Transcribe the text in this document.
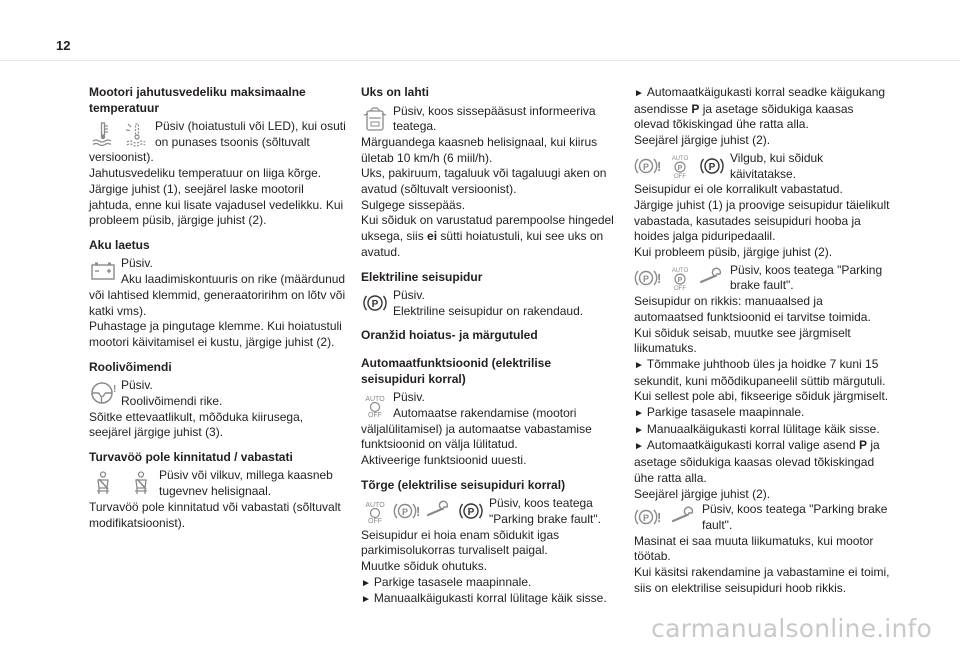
12
Mootori jahutusvedeliku maksimaalne temperatuur
Püsiv (hoiatustuli või LED), kui osuti on punases tsoonis (sõltuvalt

versioonist).

Jahutusvedeliku temperatuur on liiga kõrge.

Järgige juhist (1), seejärel laske mootoril jahtuda, enne kui lisate vajadusel vedelikku. Kui probleem püsib, järgige juhist (2).

Aku laetus
Püsiv.
Aku laadimiskontuuris on rike (määrdunud

või lahtised klemmid, generaatoririhm on lõtv või katki vms).

Puhastage ja pingutage klemme. Kui hoiatustuli mootori käivitamisel ei kustu, järgige juhist (2).

Roolivõimendi
Püsiv.
Roolivõimendi rike.

Sõitke ettevaatlikult, mõõduka kiirusega, seejärel järgige juhist (3).

Turvavöö pole kinnitatud / vabastati
Püsiv või vilkuv, millega kaasneb tugevnev helisignaal.

Turvavöö pole kinnitatud või vabastati (sõltuvalt modifikatsioonist).

Uks on lahti
Püsiv, koos sissepääsust informeeriva teatega.

Märguandega kaasneb helisignaal, kui kiirus ületab 10 km/h (6 miil/h).

Uks, pakiruum, tagaluuk või tagaluugi aken on avatud (sõltuvalt versioonist).

Sulgege sissepääs.

Kui sõiduk on varustatud parempoolse hingedel uksega, siis ei sütti hoiatustuli, kui see uks on avatud.

Elektriline seisupidur
Püsiv.
Elektriline seisupidur on rakendaud.
Oranžid hoiatus- ja märgutuled
Automaatfunktsioonid (elektrilise seisupiduri korral)
AUTO
OFF
Püsiv.
Automaatse rakendamise (mootori

väljalülitamisel) ja automaatse vabastamise funktsioonid on välja lülitatud.

Aktiveerige funktsioonid uuesti.

Tõrge (elektrilise seisupiduri korral)
AUTO
OFF
Püsiv, koos teatega "Parking brake fault".

Seisupidur ei hoia enam sõidukit igas parkimisolukorras turvaliselt paigal.

Muutke sõiduk ohutuks.

► Parkige tasasele maapinnale.

► Manuaalkäigukasti korral lülitage käik sisse.

► Automaatkäigukasti korral seadke käigukang asendisse P ja asetage sõidukiga kaasas olevad tõkiskingad ühe ratta alla.

Seejärel järgige juhist (2).

AUTO
P
OFF
Vilgub, kui sõiduk käivitatakse.

Seisupidur ei ole korralikult vabastatud.

Järgige juhist (1) ja proovige seisupidur täielikult vabastada, kasutades seisupiduri hooba ja hoides jalga piduripedaalil.

Kui probleem püsib, järgige juhist (2).

AUTO
P
OFF
Püsiv, koos teatega "Parking brake fault".

Seisupidur on rikkis: manuaalsed ja automaatsed funktsioonid ei tarvitse toimida.

Kui sõiduk seisab, muutke see järgmiselt liikumatuks.

► Tõmmake juhthoob üles ja hoidke 7 kuni 15 sekundit, kuni mõõdikupaneelil süttib märgutuli.

Kui sellest pole abi, fikseerige sõiduk järgmiselt.

► Parkige tasasele maapinnale.

► Manuaalkäigukasti korral lülitage käik sisse.

► Automaatkäigukasti korral valige asend P ja asetage sõidukiga kaasas olevad tõkiskingad ühe ratta alla.

Seejärel järgige juhist (2).

Püsiv, koos teatega "Parking brake fault".

Masinat ei saa muuta liikumatuks, kui mootor töötab.

Kui käsitsi rakendamine ja vabastamine ei toimi, siis on elektrilise seisupiduri hoob rikkis.

carmanualsonline.info
